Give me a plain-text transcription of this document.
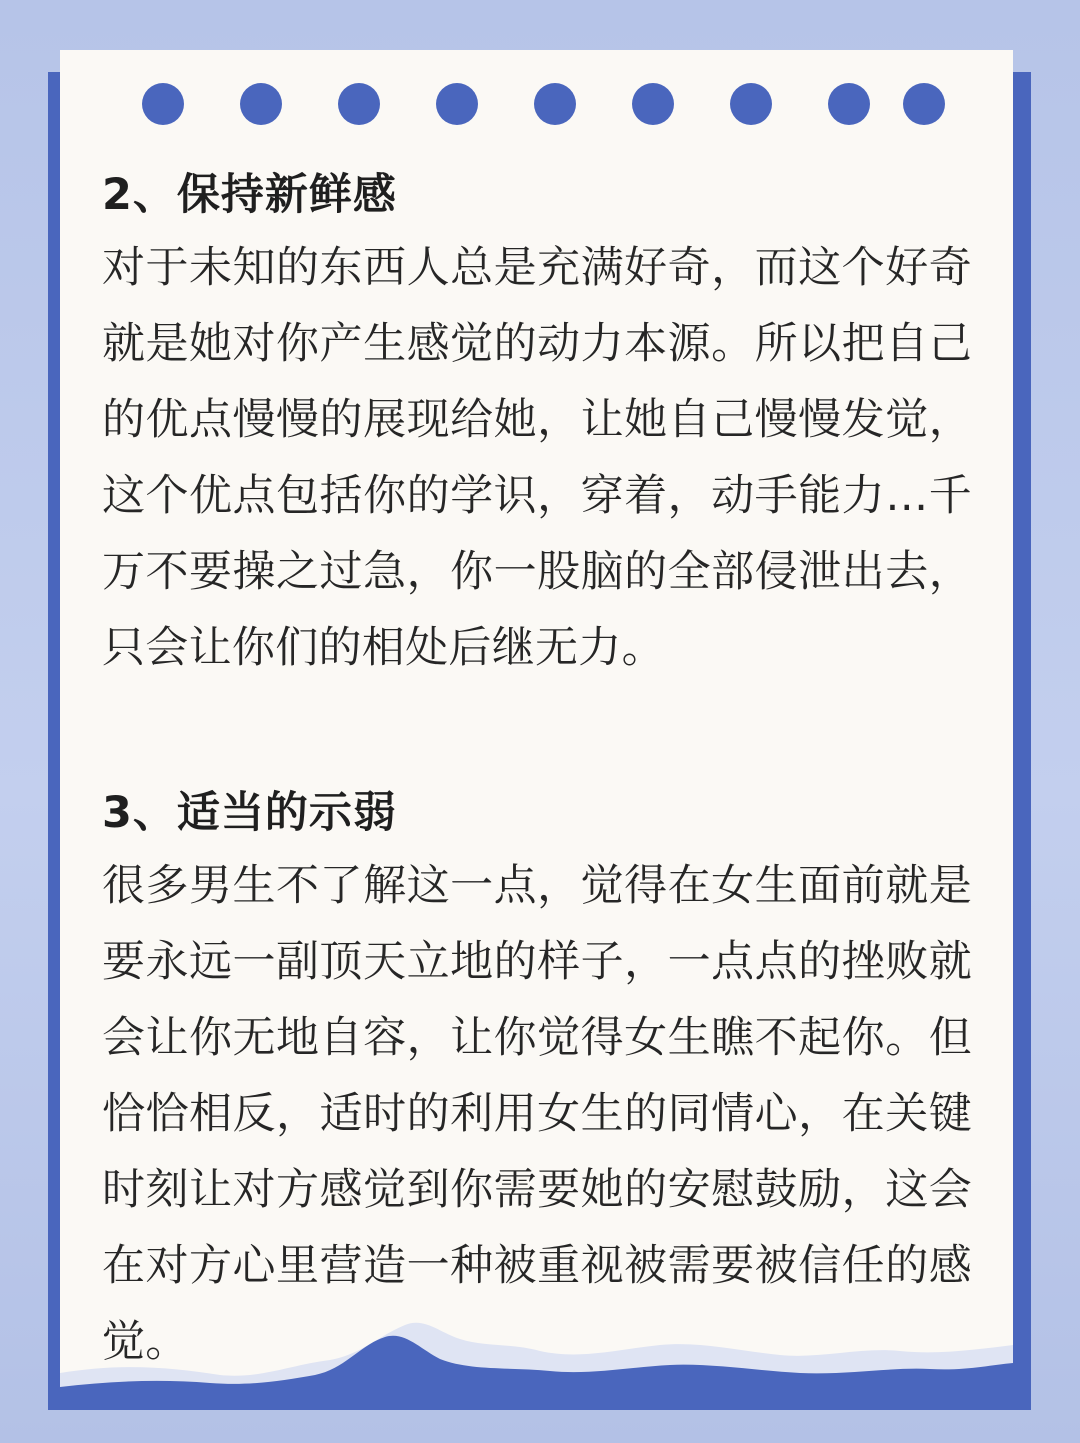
2、保持新鲜感

对于未知的东西人总是充满好奇，而这个好奇就是她对你产生感觉的动力本源。所以把自己的优点慢慢的展现给她，让她自己慢慢发觉，这个优点包括你的学识，穿着，动手能力…千万不要操之过急，你一股脑的全部侵泄出去，只会让你们的相处后继无力。

3、适当的示弱

很多男生不了解这一点，觉得在女生面前就是要永远一副顶天立地的样子，一点点的挫败就会让你无地自容，让你觉得女生瞧不起你。但恰恰相反，适时的利用女生的同情心，在关键时刻让对方感觉到你需要她的安慰鼓励，这会在对方心里营造一种被重视被需要被信任的感觉。
